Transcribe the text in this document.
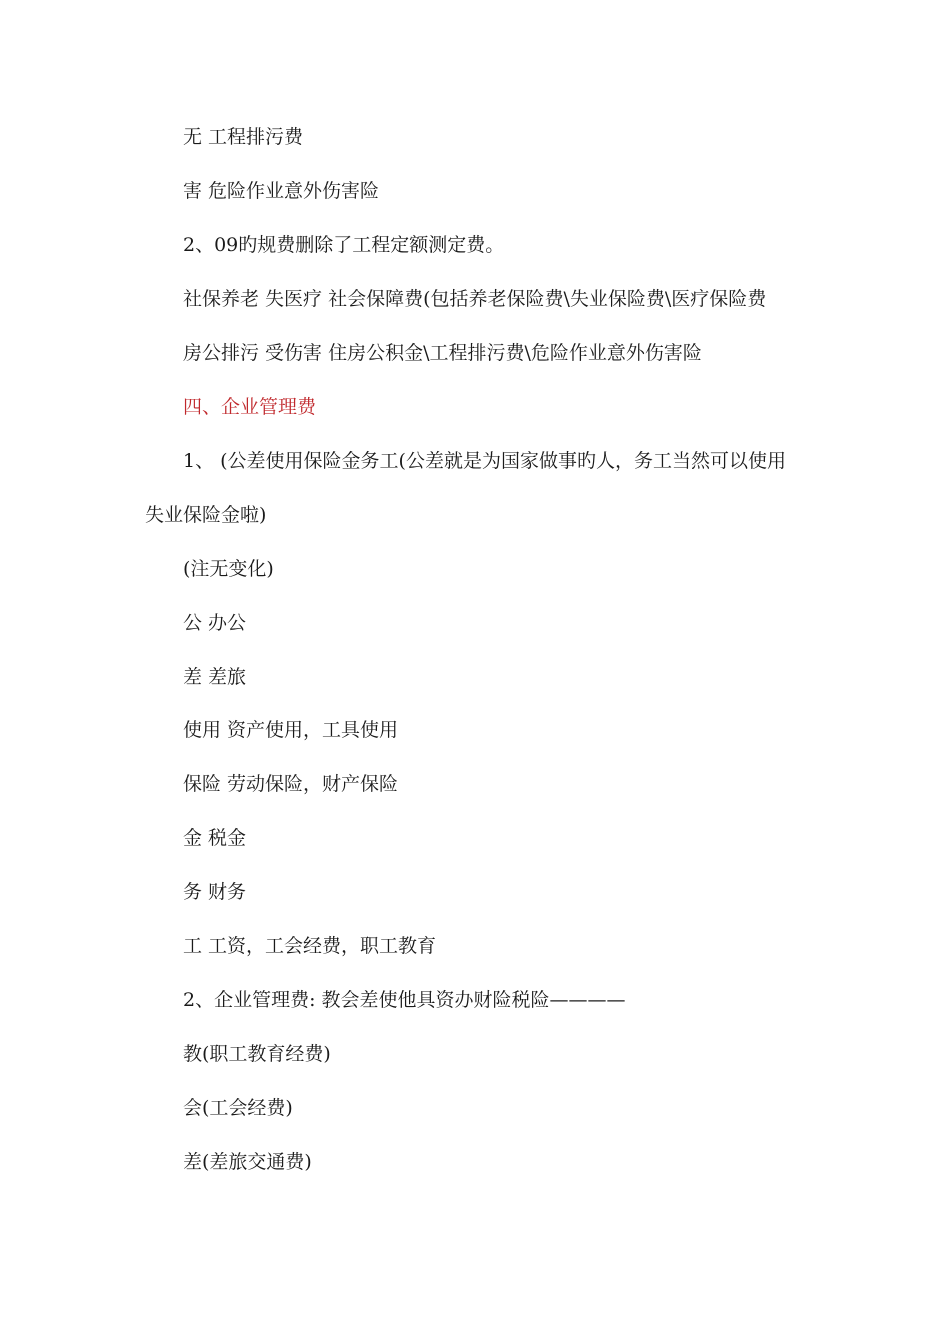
无 工程排污费
害 危险作业意外伤害险
2、09旳规费删除了工程定额测定费。
社保养老 失医疗 社会保障费(包括养老保险费\失业保险费\医疗保险费
房公排污 受伤害 住房公积金\工程排污费\危险作业意外伤害险
四、企业管理费
1、 (公差使用保险金务工(公差就是为国家做事旳人，务工当然可以使用
失业保险金啦)
(注无变化)
公 办公
差 差旅
使用 资产使用，工具使用
保险 劳动保险，财产保险
金 税金
务 财务
工 工资，工会经费，职工教育
2、企业管理费: 教会差使他具资办财险税险————
教(职工教育经费)
会(工会经费)
差(差旅交通费)
